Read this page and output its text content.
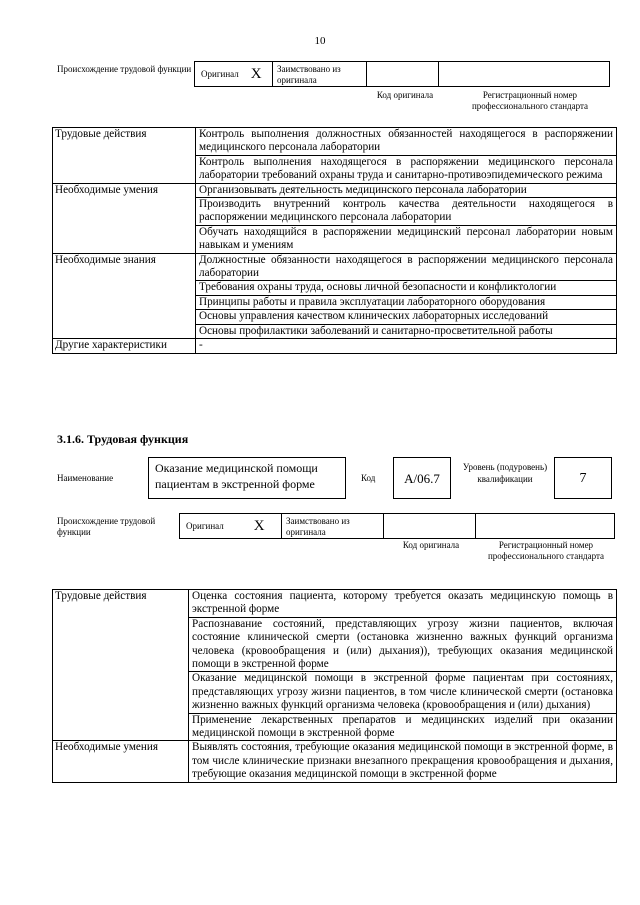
10
Происхождение трудовой функции Оригинал X	Заимствовано из оригинала
Код оригинала	Регистрационный номер профессионального стандарта
Трудовые действия	Контроль выполнения должностных обязанностей находящегося в распоряжении медицинского персонала лаборатории
	Контроль выполнения находящегося в распоряжении медицинского персонала лаборатории требований охраны труда и санитарно-противоэпидемического режима
Необходимые умения	Организовывать деятельность медицинского персонала лаборатории
	Производить внутренний контроль качества деятельности находящегося в распоряжении медицинского персонала лаборатории
	Обучать находящийся в распоряжении медицинский персонал лаборатории новым навыкам и умениям
Необходимые знания	Должностные обязанности находящегося в распоряжении медицинского персонала лаборатории
	Требования охраны труда, основы личной безопасности и конфликтологии
	Принципы работы и правила эксплуатации лабораторного оборудования
	Основы управления качеством клинических лабораторных исследований
	Основы профилактики заболеваний и санитарно-просветительной работы
Другие характеристики	-
3.1.6. Трудовая функция
Наименование
Оказание медицинской помощи пациентам в экстренной форме	Код	А/06.7
Уровень (подуровень) квалификации	7
Происхождение трудовой функции
Оригинал X	Заимствовано из оригинала
Код оригинала	Регистрационный номер профессионального стандарта
Трудовые действия	Оценка состояния пациента, которому требуется оказать медицинскую помощь в экстренной форме
	Распознавание состояний, представляющих угрозу жизни пациентов, включая состояние клинической смерти (остановка жизненно важных функций организма человека (кровообращения и (или) дыхания)), требующих оказания медицинской помощи в экстренной форме
	Оказание медицинской помощи в экстренной форме пациентам при состояниях, представляющих угрозу жизни пациентов, в том числе клинической смерти (остановка жизненно важных функций организма человека (кровообращения и (или) дыхания)
	Применение лекарственных препаратов и медицинских изделий при оказании медицинской помощи в экстренной форме
Необходимые умения	Выявлять состояния, требующие оказания медицинской помощи в экстренной форме, в том числе клинические признаки внезапного прекращения кровообращения и дыхания, требующие оказания медицинской помощи в экстренной форме
